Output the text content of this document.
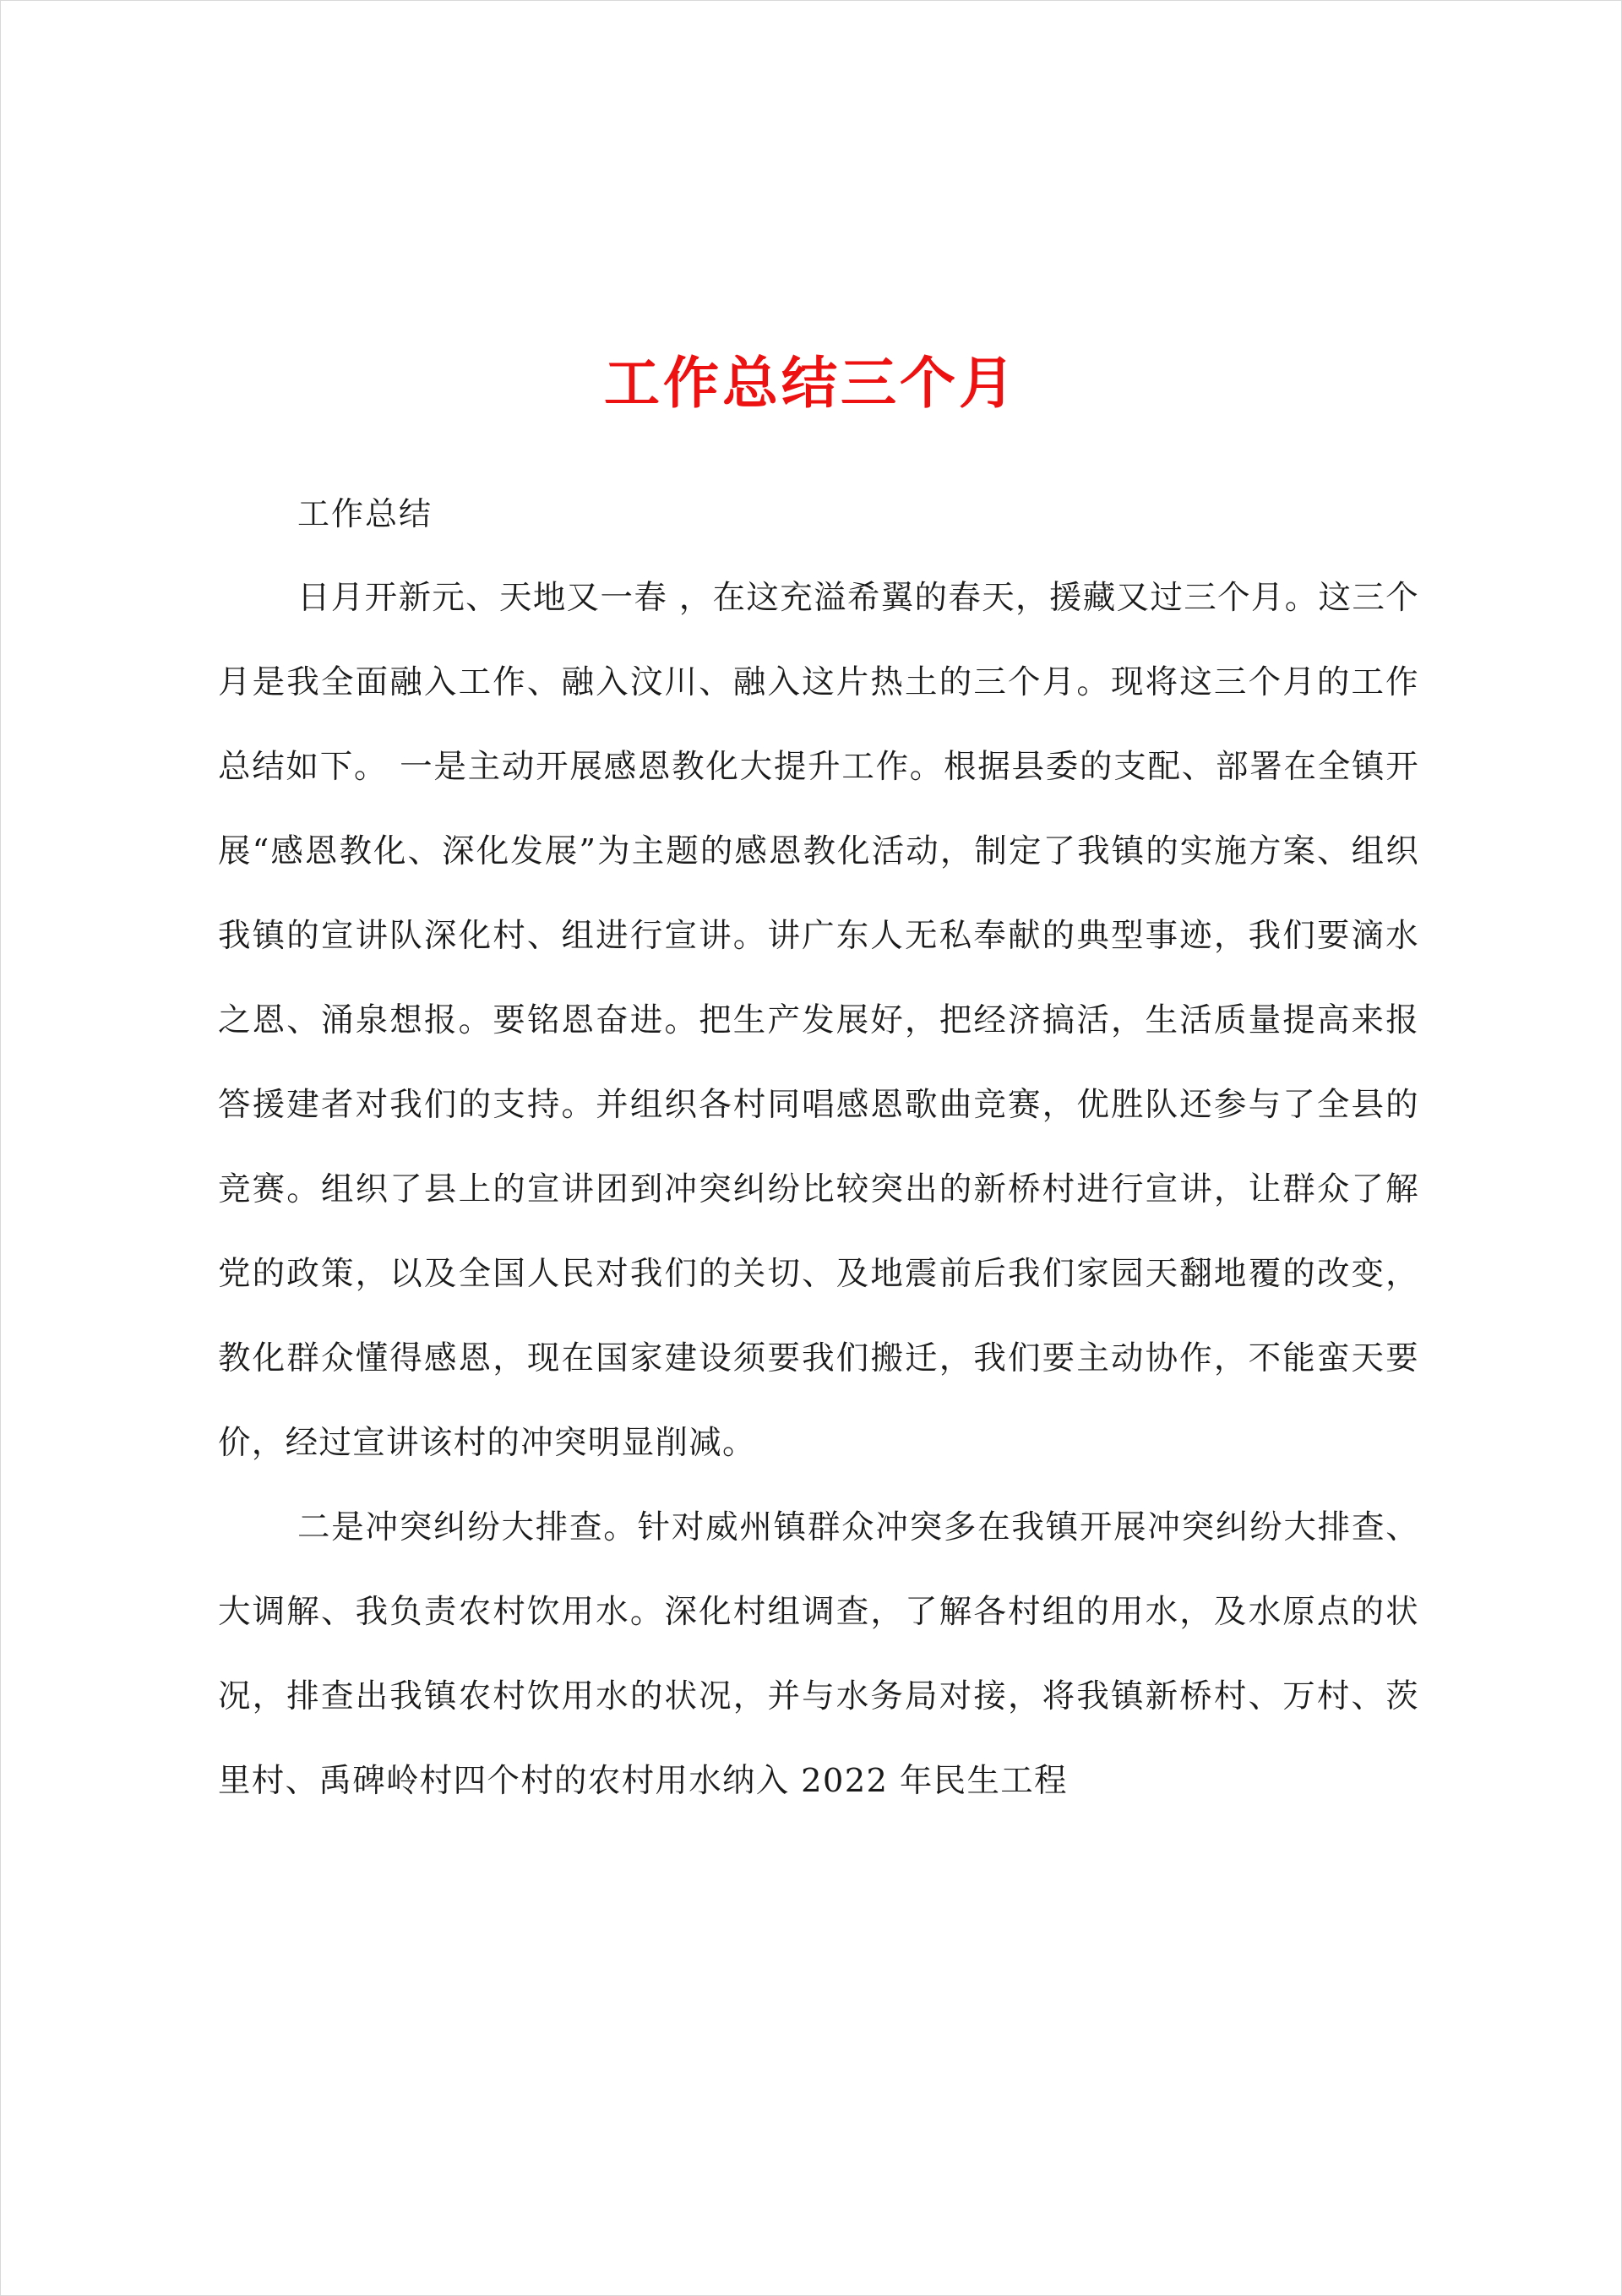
工作总结三个月

工作总结

日月开新元、天地又一春 ，在这充溢希翼的春天，援藏又过三个月。这三个月是我全面融入工作、融入汶川、融入这片热土的三个月。现将这三个月的工作总结如下。 一是主动开展感恩教化大提升工作。根据县委的支配、部署在全镇开展“感恩教化、深化发展”为主题的感恩教化活动，制定了我镇的实施方案、组织我镇的宣讲队深化村、组进行宣讲。讲广东人无私奉献的典型事迹，我们要滴水之恩、涌泉想报。要铭恩奋进。把生产发展好，把经济搞活，生活质量提高来报答援建者对我们的支持。并组织各村同唱感恩歌曲竞赛，优胜队还参与了全县的竞赛。组织了县上的宣讲团到冲突纠纷比较突出的新桥村进行宣讲，让群众了解党的政策，以及全国人民对我们的关切、及地震前后我们家园天翻地覆的改变，教化群众懂得感恩，现在国家建设须要我们搬迁，我们要主动协作，不能蛮天要价，经过宣讲该村的冲突明显削减。

二是冲突纠纷大排查。针对威州镇群众冲突多在我镇开展冲突纠纷大排查、大调解、我负责农村饮用水。深化村组调查，了解各村组的用水，及水原点的状况，排查出我镇农村饮用水的状况，并与水务局对接，将我镇新桥村、万村、茨里村、禹碑岭村四个村的农村用水纳入 2022 年民生工程
